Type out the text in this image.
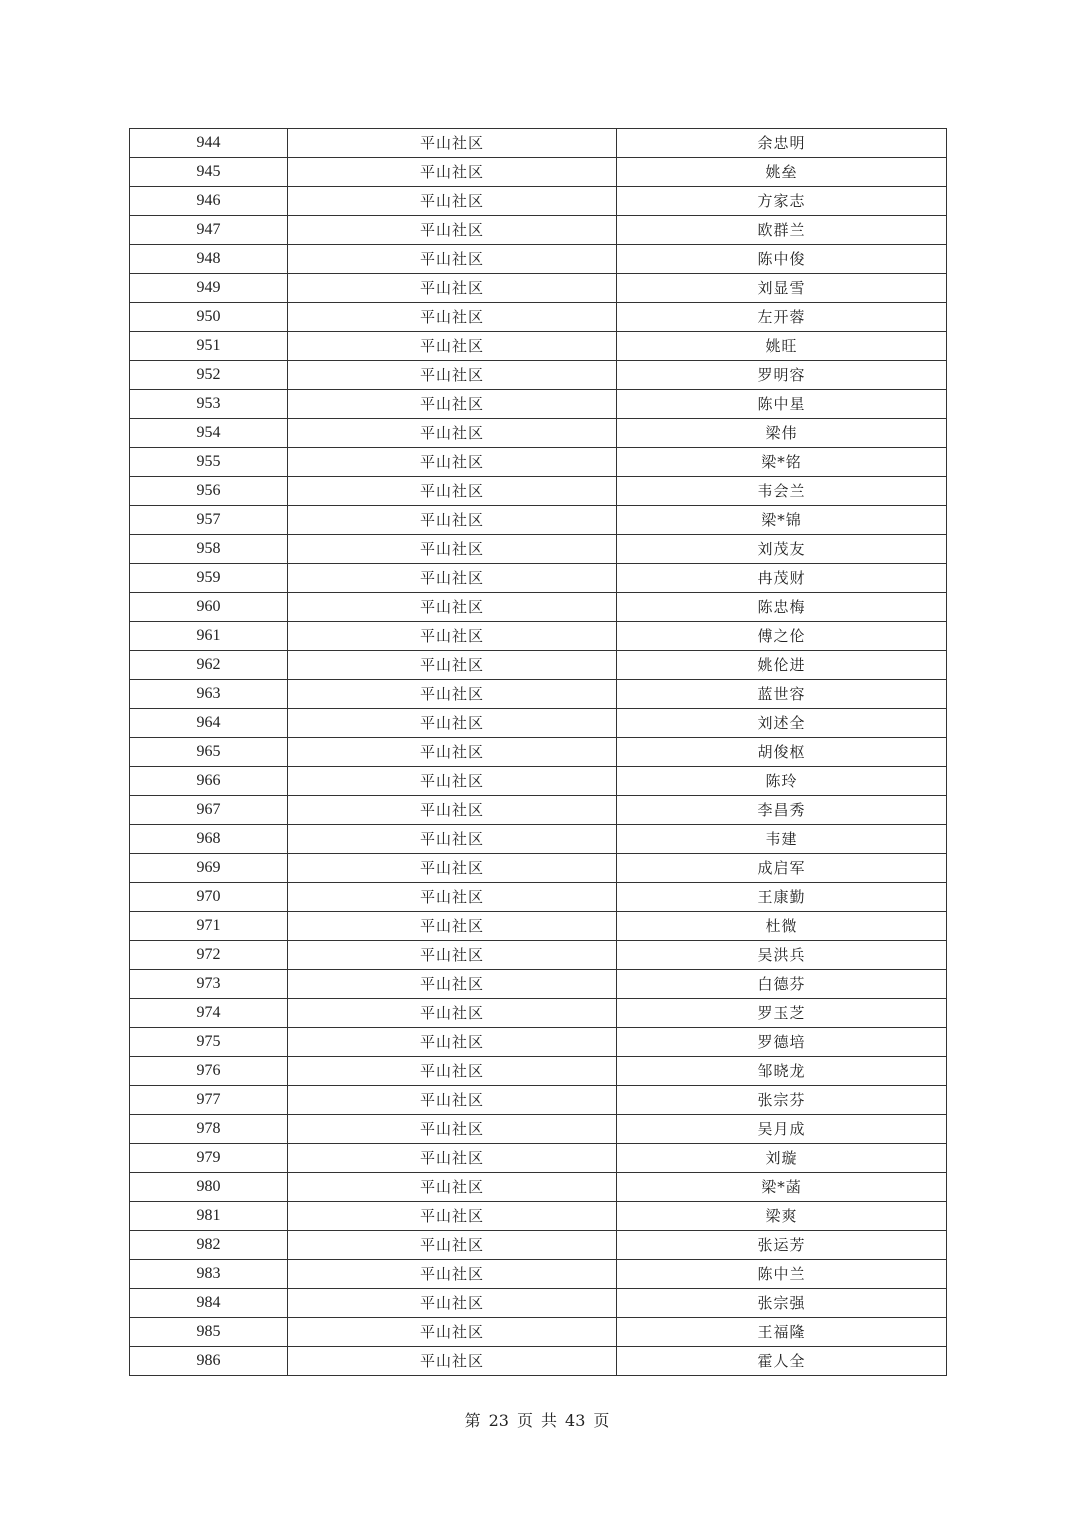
944	平山社区	余忠明
945	平山社区	姚垒
946	平山社区	方家志
947	平山社区	欧群兰
948	平山社区	陈中俊
949	平山社区	刘显雪
950	平山社区	左开蓉
951	平山社区	姚旺
952	平山社区	罗明容
953	平山社区	陈中星
954	平山社区	梁伟
955	平山社区	梁*铭
956	平山社区	韦会兰
957	平山社区	梁*锦
958	平山社区	刘茂友
959	平山社区	冉茂财
960	平山社区	陈忠梅
961	平山社区	傅之伦
962	平山社区	姚伦进
963	平山社区	蓝世容
964	平山社区	刘述全
965	平山社区	胡俊枢
966	平山社区	陈玲
967	平山社区	李昌秀
968	平山社区	韦建
969	平山社区	成启军
970	平山社区	王康勤
971	平山社区	杜微
972	平山社区	吴洪兵
973	平山社区	白德芬
974	平山社区	罗玉芝
975	平山社区	罗德培
976	平山社区	邹晓龙
977	平山社区	张宗芬
978	平山社区	吴月成
979	平山社区	刘璇
980	平山社区	梁*菡
981	平山社区	梁爽
982	平山社区	张运芳
983	平山社区	陈中兰
984	平山社区	张宗强
985	平山社区	王福隆
986	平山社区	霍人全
第 23 页 共 43 页
